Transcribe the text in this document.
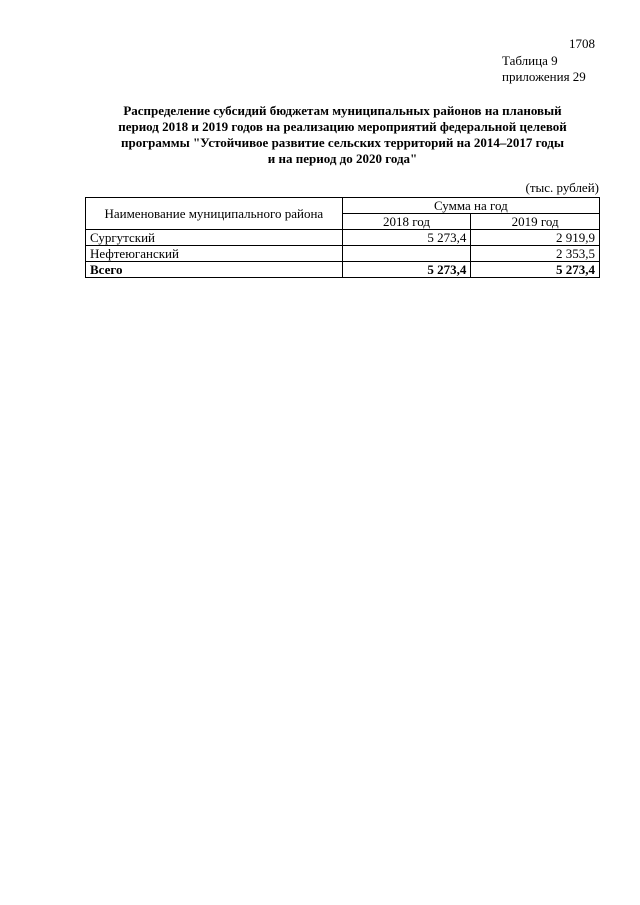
1708
Таблица 9
приложения 29
Распределение субсидий бюджетам муниципальных районов на плановый
период 2018 и 2019 годов на реализацию мероприятий федеральной целевой
программы "Устойчивое развитие сельских территорий на 2014–2017 годы
и на период до 2020 года"
(тыс. рублей)
Наименование муниципального района	Сумма на год	
	2018 год	2019 год
Сургутский	5 273,4	2 919,9
Нефтеюганский		2 353,5
Всего	5 273,4	5 273,4
